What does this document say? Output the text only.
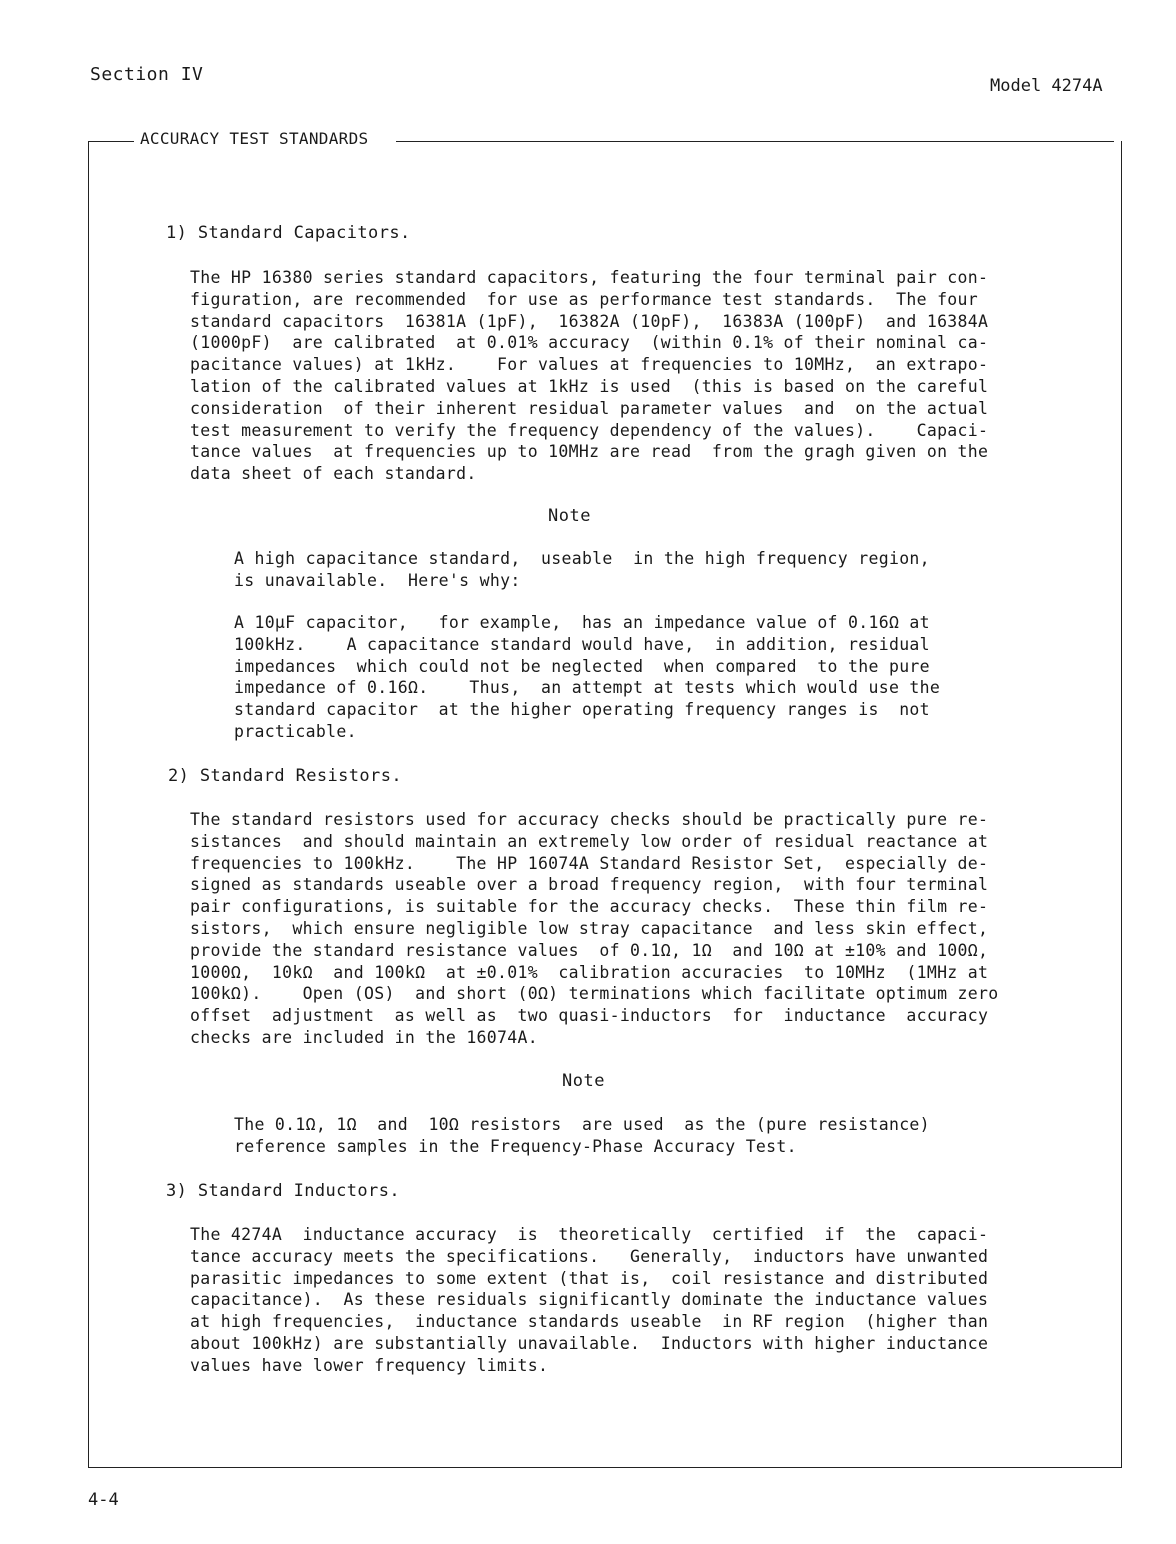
Section IV
Model 4274A
ACCURACY TEST STANDARDS
1) Standard Capacitors.
The HP 16380 series standard capacitors, featuring the four terminal pair con-
figuration, are recommended  for use as performance test standards.  The four
standard capacitors  16381A (1pF),  16382A (10pF),  16383A (100pF)  and 16384A
(1000pF)  are calibrated  at 0.01% accuracy  (within 0.1% of their nominal ca-
pacitance values) at 1kHz.    For values at frequencies to 10MHz,  an extrapo-
lation of the calibrated values at 1kHz is used  (this is based on the careful
consideration  of their inherent residual parameter values  and  on the actual
test measurement to verify the frequency dependency of the values).    Capaci-
tance values  at frequencies up to 10MHz are read  from the gragh given on the
data sheet of each standard.
Note
A high capacitance standard,  useable  in the high frequency region,
is unavailable.  Here's why:
A 10µF capacitor,   for example,  has an impedance value of 0.16Ω at
100kHz.    A capacitance standard would have,  in addition, residual
impedances  which could not be neglected  when compared  to the pure
impedance of 0.16Ω.    Thus,  an attempt at tests which would use the
standard capacitor  at the higher operating frequency ranges is  not
practicable.
2) Standard Resistors.
The standard resistors used for accuracy checks should be practically pure re-
sistances  and should maintain an extremely low order of residual reactance at
frequencies to 100kHz.    The HP 16074A Standard Resistor Set,  especially de-
signed as standards useable over a broad frequency region,  with four terminal
pair configurations, is suitable for the accuracy checks.  These thin film re-
sistors,  which ensure negligible low stray capacitance  and less skin effect,
provide the standard resistance values  of 0.1Ω, 1Ω  and 10Ω at ±10% and 100Ω,
1000Ω,  10kΩ  and 100kΩ  at ±0.01%  calibration accuracies  to 10MHz  (1MHz at
100kΩ).    Open (OS)  and short (0Ω) terminations which facilitate optimum zero
offset  adjustment  as well as  two quasi-inductors  for  inductance  accuracy
checks are included in the 16074A.
Note
The 0.1Ω, 1Ω  and  10Ω resistors  are used  as the (pure resistance)
reference samples in the Frequency-Phase Accuracy Test.
3) Standard Inductors.
The 4274A  inductance accuracy  is  theoretically  certified  if  the  capaci-
tance accuracy meets the specifications.   Generally,  inductors have unwanted
parasitic impedances to some extent (that is,  coil resistance and distributed
capacitance).  As these residuals significantly dominate the inductance values
at high frequencies,  inductance standards useable  in RF region  (higher than
about 100kHz) are substantially unavailable.  Inductors with higher inductance
values have lower frequency limits.
4-4
